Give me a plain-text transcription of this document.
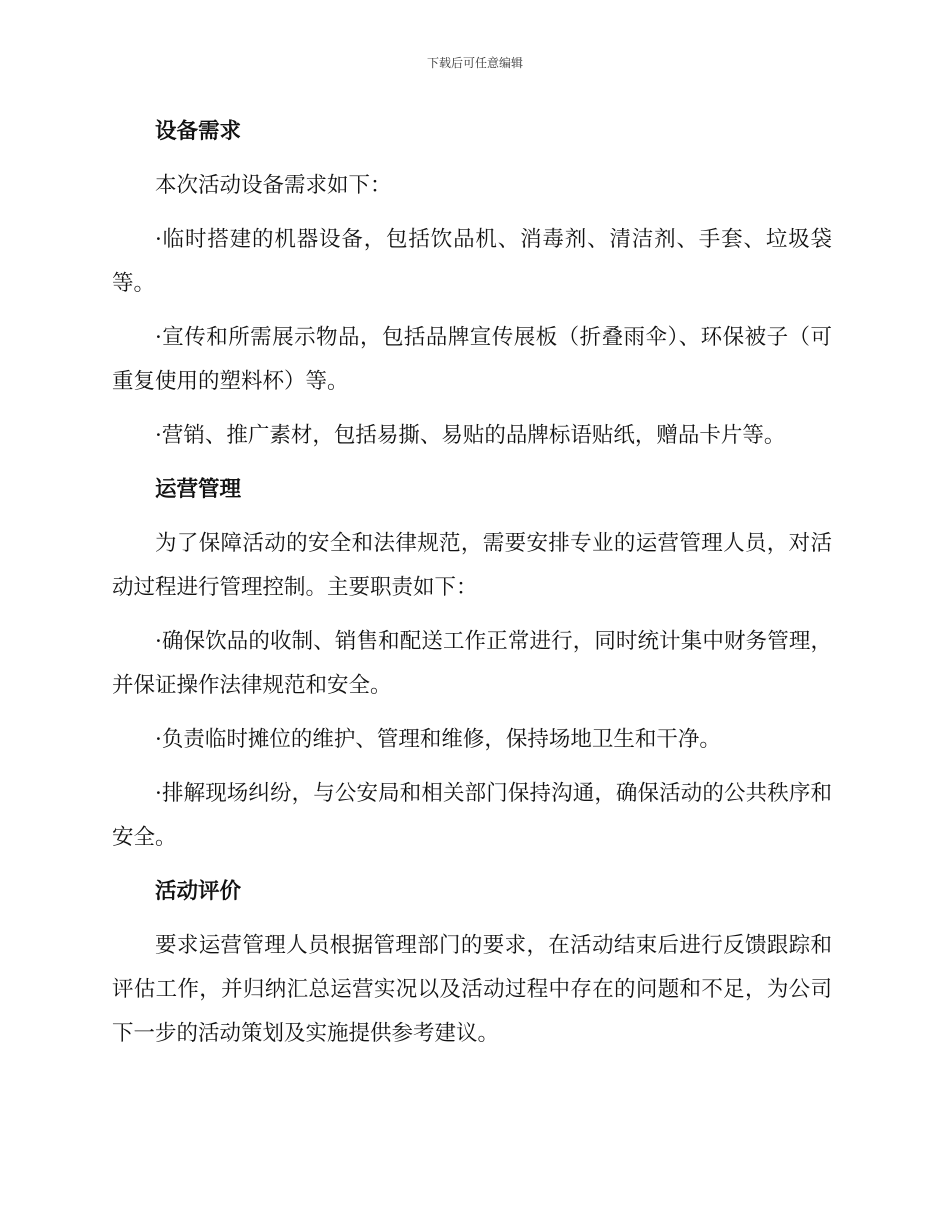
下载后可任意编辑
设备需求
本次活动设备需求如下：
·临时搭建的机器设备，包括饮品机、消毒剂、清洁剂、手套、垃圾袋等。
·宣传和所需展示物品，包括品牌宣传展板（折叠雨伞）、环保被子（可重复使用的塑料杯）等。
·营销、推广素材，包括易撕、易贴的品牌标语贴纸，赠品卡片等。
运营管理
为了保障活动的安全和法律规范，需要安排专业的运营管理人员，对活动过程进行管理控制。主要职责如下：
·确保饮品的收制、销售和配送工作正常进行，同时统计集中财务管理，并保证操作法律规范和安全。
·负责临时摊位的维护、管理和维修，保持场地卫生和干净。
·排解现场纠纷，与公安局和相关部门保持沟通，确保活动的公共秩序和安全。
活动评价
要求运营管理人员根据管理部门的要求，在活动结束后进行反馈跟踪和评估工作，并归纳汇总运营实况以及活动过程中存在的问题和不足，为公司下一步的活动策划及实施提供参考建议。
